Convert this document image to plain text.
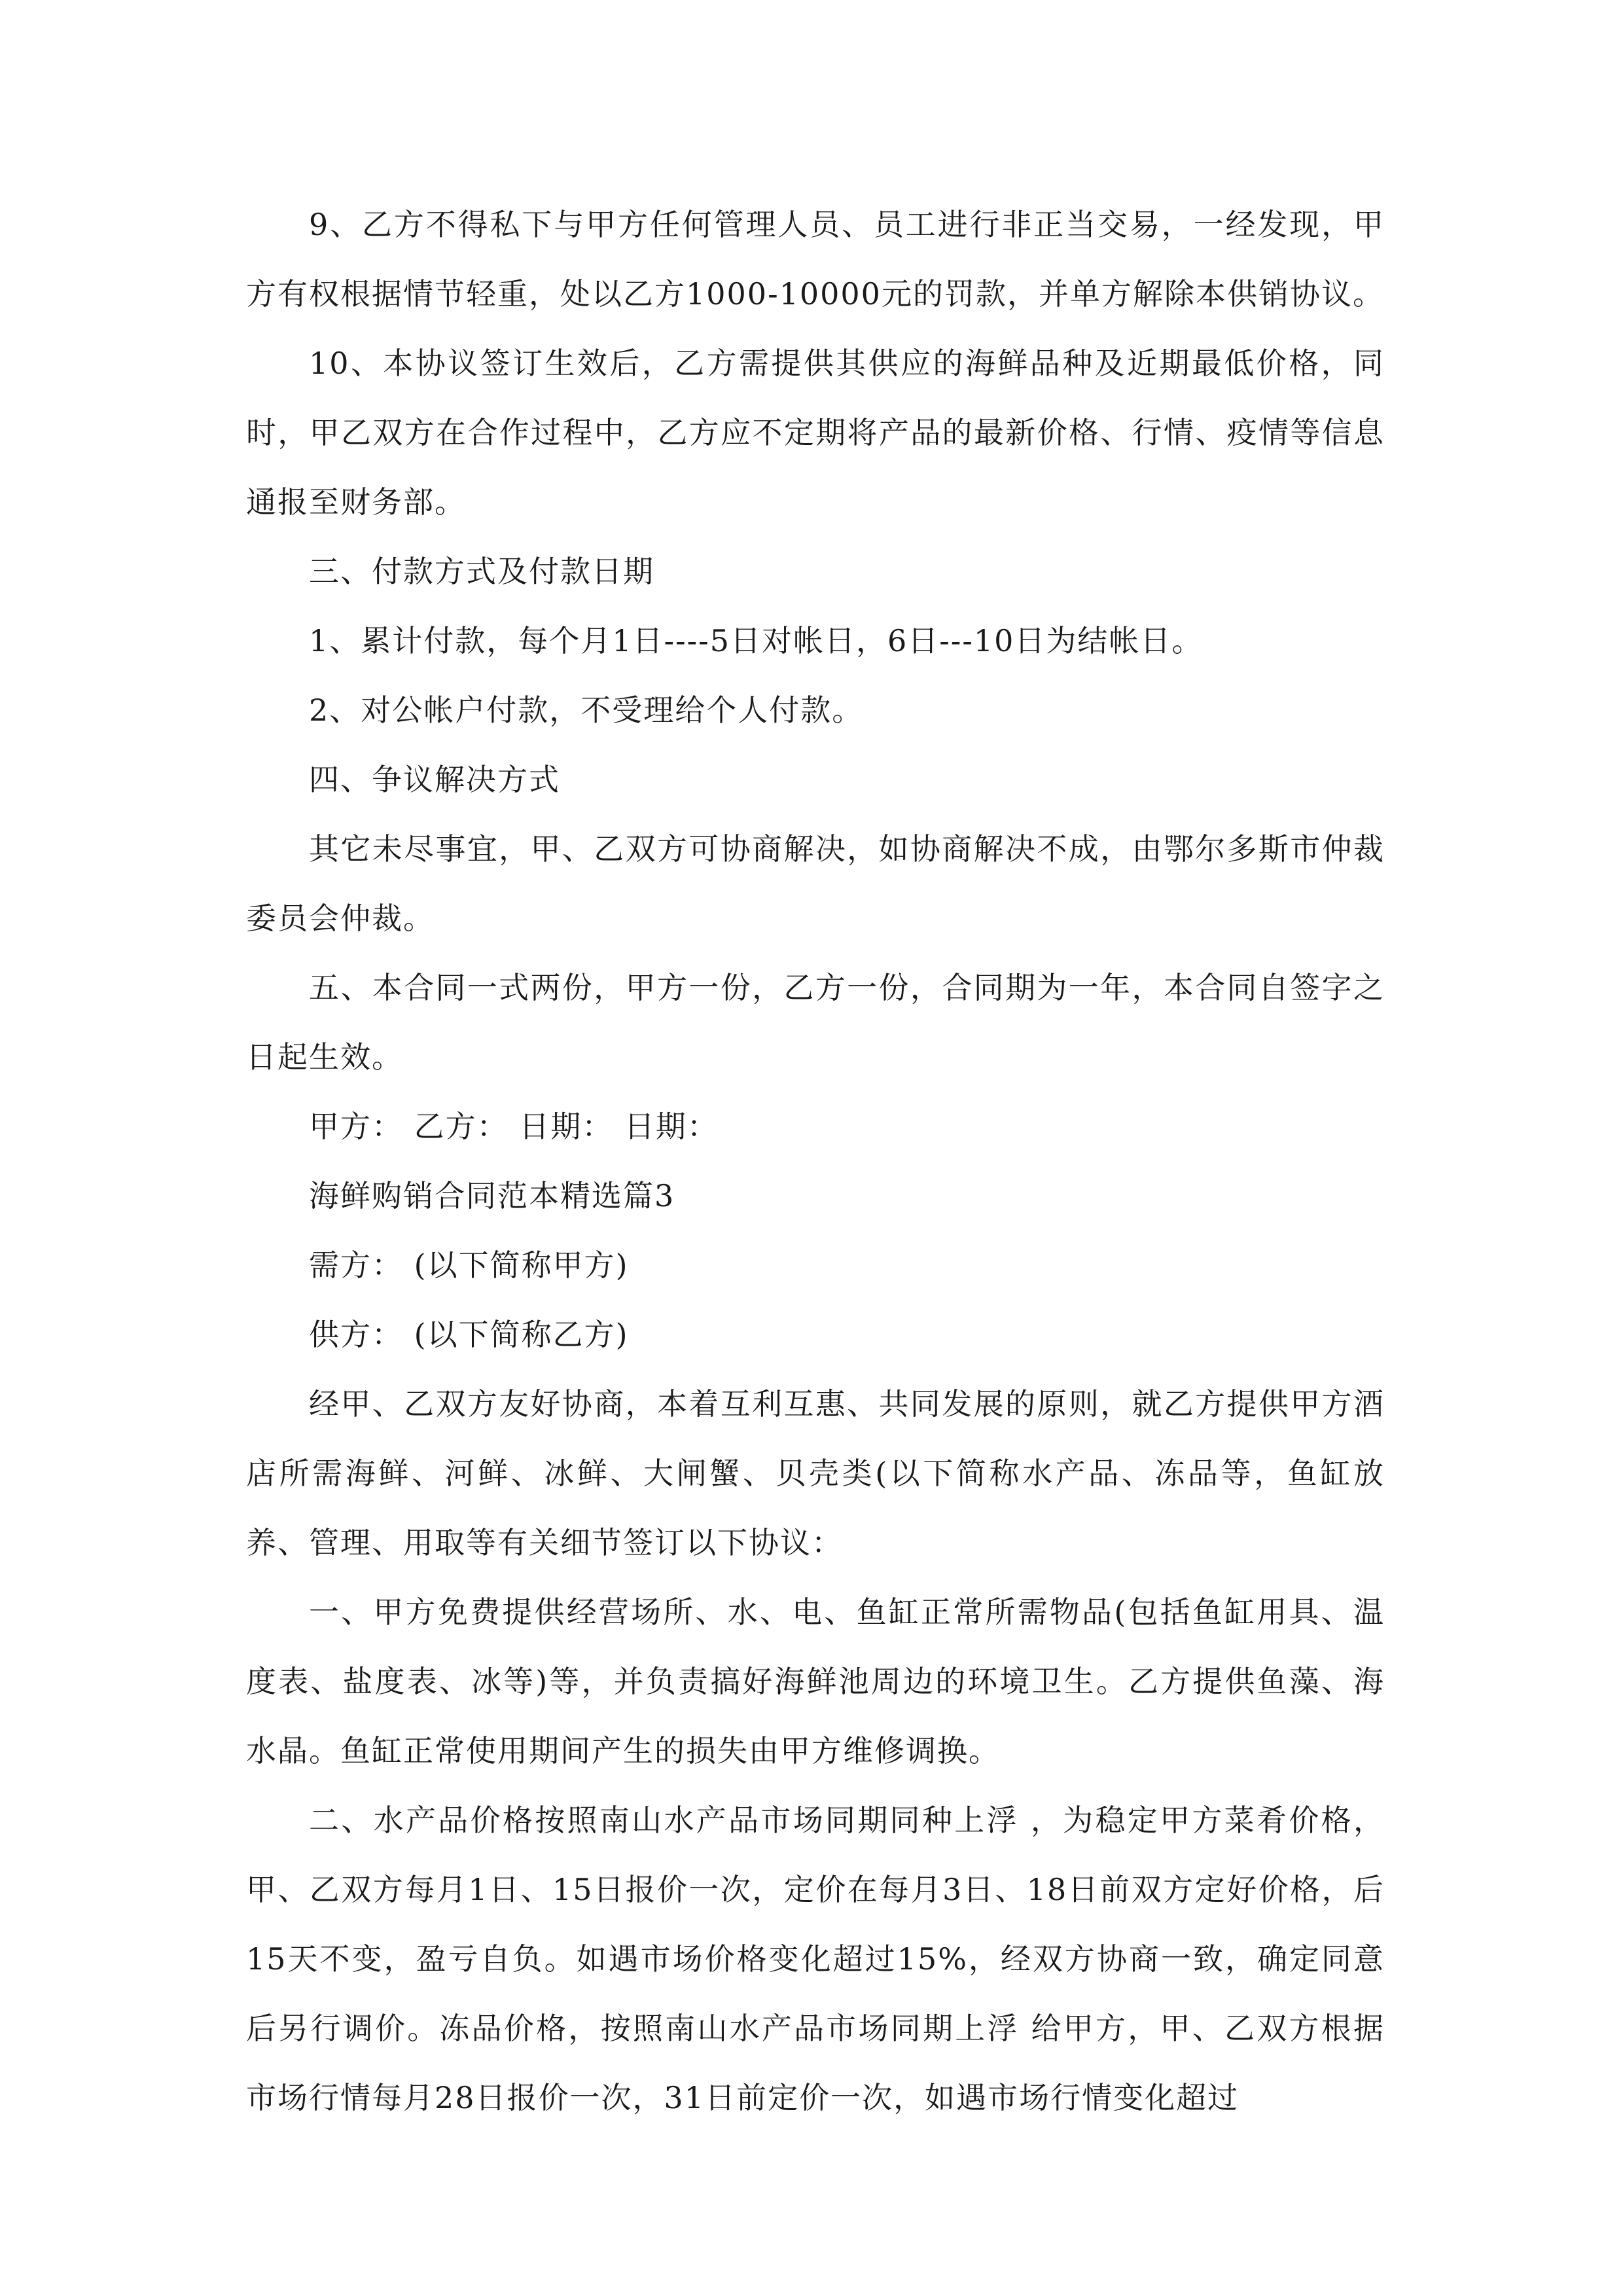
9、乙方不得私下与甲方任何管理人员、员工进行非正当交易，一经发现，甲方有权根据情节轻重，处以乙方1000-10000元的罚款，并单方解除本供销协议。

10、本协议签订生效后，乙方需提供其供应的海鲜品种及近期最低价格，同时，甲乙双方在合作过程中，乙方应不定期将产品的最新价格、行情、疫情等信息通报至财务部。

三、付款方式及付款日期

1、累计付款，每个月1日----5日对帐日，6日---10日为结帐日。

2、对公帐户付款，不受理给个人付款。

四、争议解决方式

其它未尽事宜，甲、乙双方可协商解决，如协商解决不成，由鄂尔多斯市仲裁委员会仲裁。

五、本合同一式两份，甲方一份，乙方一份，合同期为一年，本合同自签字之日起生效。

甲方： 乙方： 日期： 日期：

海鲜购销合同范本精选篇3

需方： (以下简称甲方)

供方： (以下简称乙方)

经甲、乙双方友好协商，本着互利互惠、共同发展的原则，就乙方提供甲方酒店所需海鲜、河鲜、冰鲜、大闸蟹、贝壳类(以下简称水产品、冻品等，鱼缸放养、管理、用取等有关细节签订以下协议：

一、甲方免费提供经营场所、水、电、鱼缸正常所需物品(包括鱼缸用具、温度表、盐度表、冰等)等，并负责搞好海鲜池周边的环境卫生。乙方提供鱼藻、海水晶。鱼缸正常使用期间产生的损失由甲方维修调换。

二、水产品价格按照南山水产品市场同期同种上浮 ，为稳定甲方菜肴价格，甲、乙双方每月1日、15日报价一次，定价在每月3日、18日前双方定好价格，后15天不变，盈亏自负。如遇市场价格变化超过15%，经双方协商一致，确定同意后另行调价。冻品价格，按照南山水产品市场同期上浮 给甲方，甲、乙双方根据市场行情每月28日报价一次，31日前定价一次，如遇市场行情变化超过
